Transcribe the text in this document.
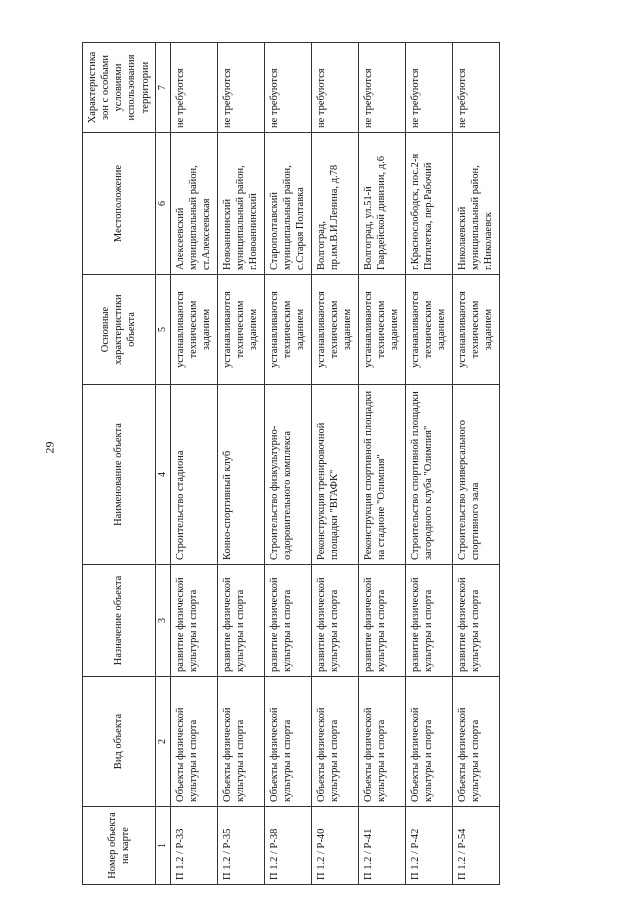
29
Номер объекта на карте	Вид объекта	Назначение объекта	Наименование объекта	Основные характеристики объекта	Местоположение	Характеристика зон с особыми условиями использования территории
1	2	3	4	5	6	7
П 1.2 / Р-33	Объекты физической культуры и спорта	развитие физической культуры и спорта	Строительство стадиона	устанавливаются техническим заданием	Алексеевский муниципальный район, ст.Алексеевская	не требуются
П 1.2 / Р-35	Объекты физической культуры и спорта	развитие физической культуры и спорта	Конно-спортивный клуб	устанавливаются техническим заданием	Новоаннинский муниципальный район, г.Новоаннинский	не требуются
П 1.2 / Р-38	Объекты физической культуры и спорта	развитие физической культуры и спорта	Строительство физкультурно-оздоровительного комплекса	устанавливаются техническим заданием	Старополтавский муниципальный район, с.Старая Полтавка	не требуются
П 1.2 / Р-40	Объекты физической культуры и спорта	развитие физической культуры и спорта	Реконструкция тренировочной площадки "ВГАФК"	устанавливаются техническим заданием	Волгоград, пр.им.В.И.Ленина, д.78	не требуются
П 1.2 / Р-41	Объекты физической культуры и спорта	развитие физической культуры и спорта	Реконструкция спортивной площадки на стадионе "Олимпия"	устанавливаются техническим заданием	Волгоград, ул.51-й Гвардейской дивизии, д.6	не требуются
П 1.2 / Р-42	Объекты физической культуры и спорта	развитие физической культуры и спорта	Строительство спортивной площадки загородного клуба "Олимпия"	устанавливаются техническим заданием	г.Краснослободск, пос.2-я Пятилетка, пер.Рабочий	не требуются
П 1.2 / Р-54	Объекты физической культуры и спорта	развитие физической культуры и спорта	Строительство универсального спортивного зала	устанавливаются техническим заданием	Николаевский муниципальный район, г.Николаевск	не требуются
